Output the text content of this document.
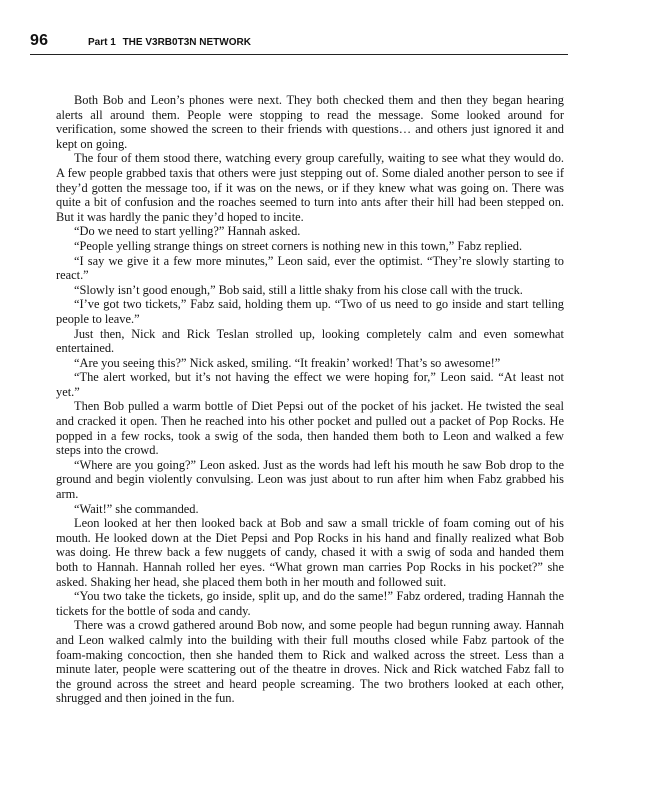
96	Part 1 THE V3RB0T3N NETWORK

Both Bob and Leon’s phones were next. They both checked them and then they began hearing alerts all around them. People were stopping to read the message. Some looked around for verification, some showed the screen to their friends with questions… and others just ignored it and kept on going.

The four of them stood there, watching every group carefully, waiting to see what they would do. A few people grabbed taxis that others were just stepping out of. Some dialed another person to see if they’d gotten the message too, if it was on the news, or if they knew what was going on. There was quite a bit of confusion and the roaches seemed to turn into ants after their hill had been stepped on. But it was hardly the panic they’d hoped to incite.

“Do we need to start yelling?” Hannah asked.

“People yelling strange things on street corners is nothing new in this town,” Fabz replied.

“I say we give it a few more minutes,” Leon said, ever the optimist. “They’re slowly starting to react.”

“Slowly isn’t good enough,” Bob said, still a little shaky from his close call with the truck.

“I’ve got two tickets,” Fabz said, holding them up. “Two of us need to go inside and start telling people to leave.”

Just then, Nick and Rick Teslan strolled up, looking completely calm and even somewhat entertained.

“Are you seeing this?” Nick asked, smiling. “It freakin’ worked! That’s so awesome!”

“The alert worked, but it’s not having the effect we were hoping for,” Leon said. “At least not yet.”

Then Bob pulled a warm bottle of Diet Pepsi out of the pocket of his jacket. He twisted the seal and cracked it open. Then he reached into his other pocket and pulled out a packet of Pop Rocks. He popped in a few rocks, took a swig of the soda, then handed them both to Leon and walked a few steps into the crowd.

“Where are you going?” Leon asked. Just as the words had left his mouth he saw Bob drop to the ground and begin violently convulsing. Leon was just about to run after him when Fabz grabbed his arm.

“Wait!” she commanded.

Leon looked at her then looked back at Bob and saw a small trickle of foam coming out of his mouth. He looked down at the Diet Pepsi and Pop Rocks in his hand and finally realized what Bob was doing. He threw back a few nuggets of candy, chased it with a swig of soda and handed them both to Hannah. Hannah rolled her eyes. “What grown man carries Pop Rocks in his pocket?” she asked. Shaking her head, she placed them both in her mouth and followed suit.

“You two take the tickets, go inside, split up, and do the same!” Fabz ordered, trading Hannah the tickets for the bottle of soda and candy.

There was a crowd gathered around Bob now, and some people had begun running away. Hannah and Leon walked calmly into the building with their full mouths closed while Fabz partook of the foam-making concoction, then she handed them to Rick and walked across the street. Less than a minute later, people were scattering out of the theatre in droves. Nick and Rick watched Fabz fall to the ground across the street and heard people screaming. The two brothers looked at each other, shrugged and then joined in the fun.
